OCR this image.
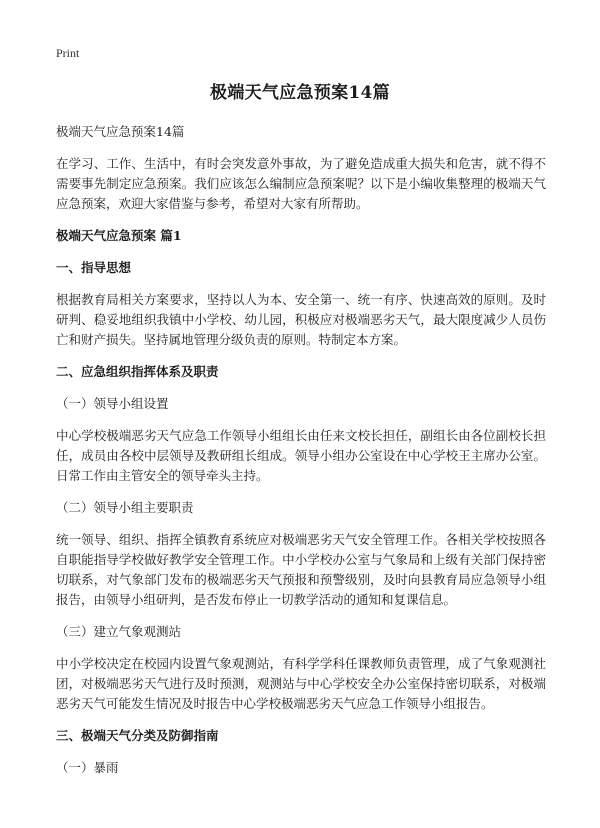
Print
极端天气应急预案14篇

极端天气应急预案14篇

在学习、工作、生活中，有时会突发意外事故，为了避免造成重大损失和危害，就不得不需要事先制定应急预案。我们应该怎么编制应急预案呢？以下是小编收集整理的极端天气应急预案，欢迎大家借鉴与参考，希望对大家有所帮助。

极端天气应急预案 篇1

一、指导思想

根据教育局相关方案要求，坚持以人为本、安全第一、统一有序、快速高效的原则。及时研判、稳妥地组织我镇中小学校、幼儿园，积极应对极端恶劣天气，最大限度减少人员伤亡和财产损失。坚持属地管理分级负责的原则。特制定本方案。

二、应急组织指挥体系及职责

（一）领导小组设置

中心学校极端恶劣天气应急工作领导小组组长由任来文校长担任，副组长由各位副校长担任，成员由各校中层领导及教研组长组成。领导小组办公室设在中心学校王主席办公室。日常工作由主管安全的领导牵头主持。

（二）领导小组主要职责

统一领导、组织、指挥全镇教育系统应对极端恶劣天气安全管理工作。各相关学校按照各自职能指导学校做好教学安全管理工作。中小学校办公室与气象局和上级有关部门保持密切联系，对气象部门发布的极端恶劣天气预报和预警级别，及时向县教育局应急领导小组报告，由领导小组研判，是否发布停止一切教学活动的通知和复课信息。

（三）建立气象观测站

中小学校决定在校园内设置气象观测站，有科学学科任课教师负责管理，成了气象观测社团，对极端恶劣天气进行及时预测，观测站与中心学校安全办公室保持密切联系，对极端恶劣天气可能发生情况及时报告中心学校极端恶劣天气应急工作领导小组报告。

三、极端天气分类及防御指南

（一）暴雨
